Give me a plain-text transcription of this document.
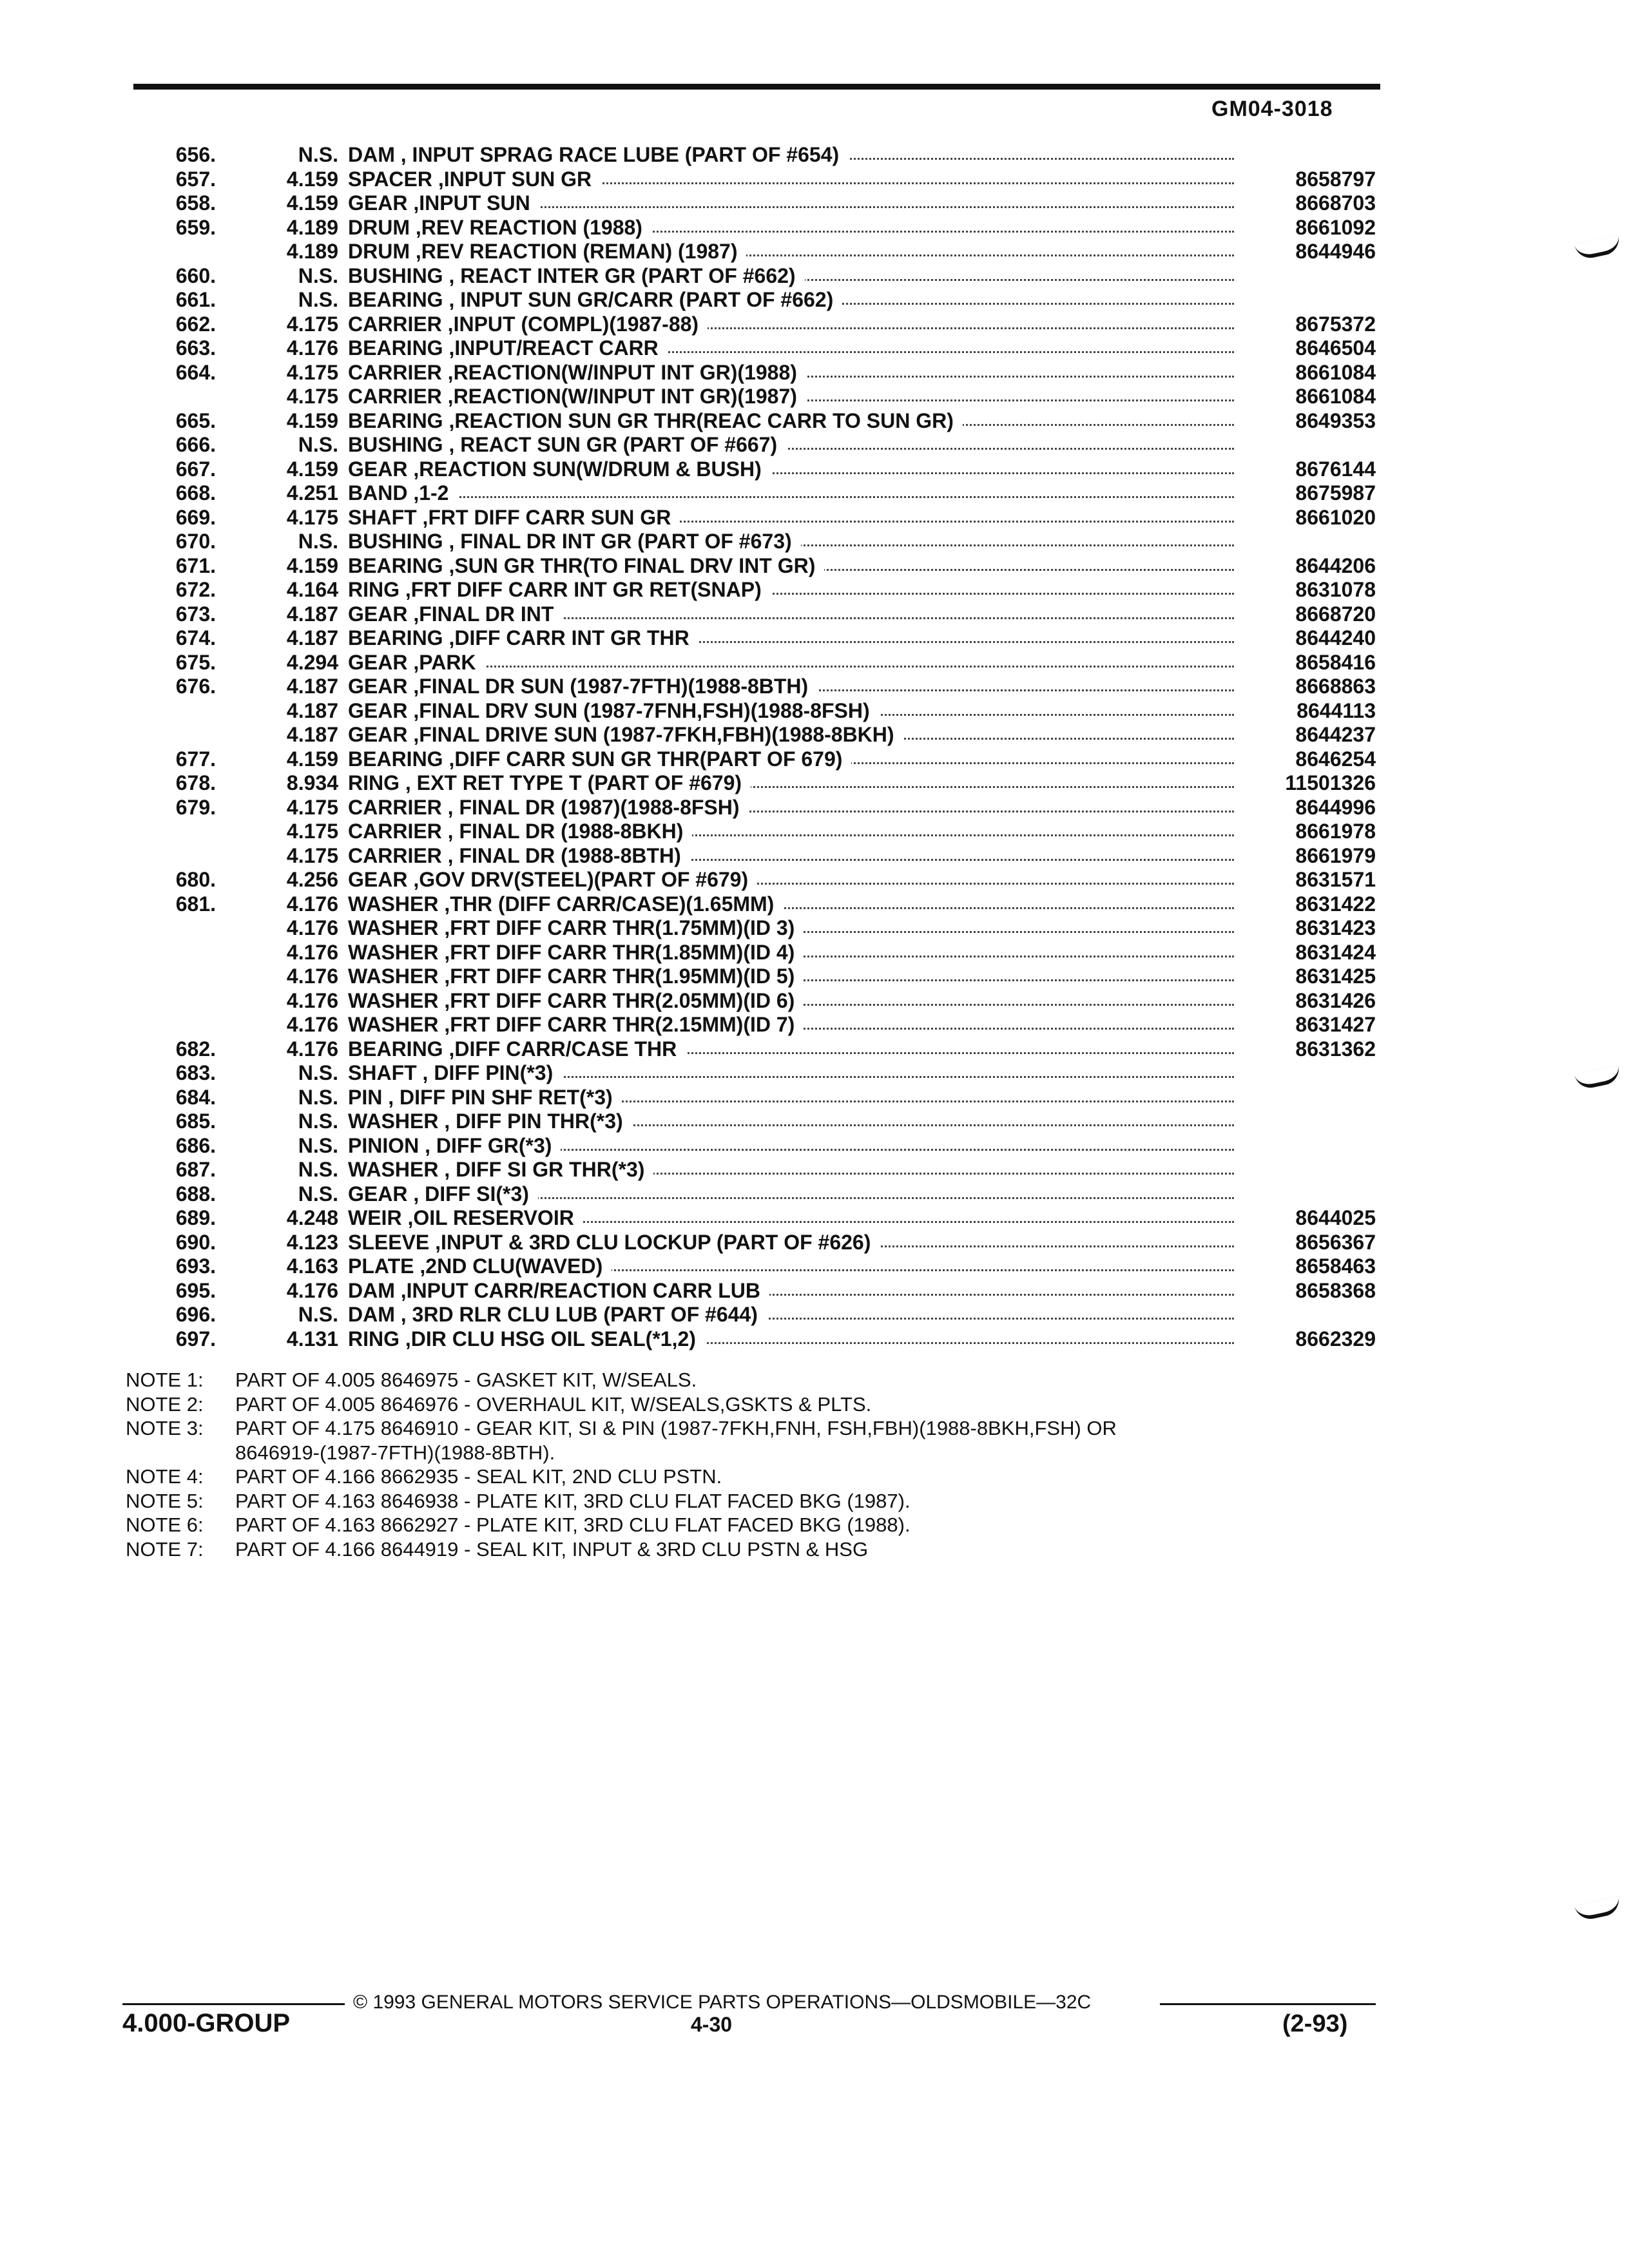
GM04-3018
656.	N.S. DAM , INPUT SPRAG RACE LUBE (PART OF #654)
657.	4.159 SPACER ,INPUT SUN GR	8658797
658.	4.159 GEAR ,INPUT SUN	8668703
659.	4.189 DRUM ,REV REACTION (1988)	8661092
4.189 DRUM ,REV REACTION (REMAN) (1987)	8644946
660.	N.S. BUSHING , REACT INTER GR (PART OF #662)
661.	N.S. BEARING , INPUT SUN GR/CARR (PART OF #662)
662.	4.175 CARRIER ,INPUT (COMPL)(1987-88)	8675372
663.	4.176 BEARING ,INPUT/REACT CARR	8646504
664.	4.175 CARRIER ,REACTION(W/INPUT INT GR)(1988)	8661084
4.175 CARRIER ,REACTION(W/INPUT INT GR)(1987)	8661084
665.	4.159 BEARING ,REACTION SUN GR THR(REAC CARR TO SUN GR)	8649353
666.	N.S. BUSHING , REACT SUN GR (PART OF #667)
667.	4.159 GEAR ,REACTION SUN(W/DRUM & BUSH)	8676144
668.	4.251 BAND ,1-2	8675987
669.	4.175 SHAFT ,FRT DIFF CARR SUN GR	8661020
670.	N.S. BUSHING , FINAL DR INT GR (PART OF #673)
671.	4.159 BEARING ,SUN GR THR(TO FINAL DRV INT GR)	8644206
672.	4.164 RING ,FRT DIFF CARR INT GR RET(SNAP)	8631078
673.	4.187 GEAR ,FINAL DR INT	8668720
674.	4.187 BEARING ,DIFF CARR INT GR THR	8644240
675.	4.294 GEAR ,PARK	8658416
676.	4.187 GEAR ,FINAL DR SUN (1987-7FTH)(1988-8BTH)	8668863
4.187 GEAR ,FINAL DRV SUN (1987-7FNH,FSH)(1988-8FSH)	8644113
4.187 GEAR ,FINAL DRIVE SUN (1987-7FKH,FBH)(1988-8BKH)	8644237
677.	4.159 BEARING ,DIFF CARR SUN GR THR(PART OF 679)	8646254
678.	8.934 RING , EXT RET TYPE T (PART OF #679)	11501326
679.	4.175 CARRIER , FINAL DR (1987)(1988-8FSH)	8644996
4.175 CARRIER , FINAL DR (1988-8BKH)	8661978
4.175 CARRIER , FINAL DR (1988-8BTH)	8661979
680.	4.256 GEAR ,GOV DRV(STEEL)(PART OF #679)	8631571
681.	4.176 WASHER ,THR (DIFF CARR/CASE)(1.65MM)	8631422
4.176 WASHER ,FRT DIFF CARR THR(1.75MM)(ID 3)	8631423
4.176 WASHER ,FRT DIFF CARR THR(1.85MM)(ID 4)	8631424
4.176 WASHER ,FRT DIFF CARR THR(1.95MM)(ID 5)	8631425
4.176 WASHER ,FRT DIFF CARR THR(2.05MM)(ID 6)	8631426
4.176 WASHER ,FRT DIFF CARR THR(2.15MM)(ID 7)	8631427
682.	4.176 BEARING ,DIFF CARR/CASE THR	8631362
683.	N.S. SHAFT , DIFF PIN(*3)
684.	N.S. PIN , DIFF PIN SHF RET(*3)
685.	N.S. WASHER , DIFF PIN THR(*3)
686.	N.S. PINION , DIFF GR(*3)
687.	N.S. WASHER , DIFF SI GR THR(*3)
688.	N.S. GEAR , DIFF SI(*3)
689.	4.248 WEIR ,OIL RESERVOIR	8644025
690.	4.123 SLEEVE ,INPUT & 3RD CLU LOCKUP (PART OF #626)	8656367
693.	4.163 PLATE ,2ND CLU(WAVED)	8658463
695.	4.176 DAM ,INPUT CARR/REACTION CARR LUB	8658368
696.	N.S. DAM , 3RD RLR CLU LUB (PART OF #644)
697.	4.131 RING ,DIR CLU HSG OIL SEAL(*1,2)	8662329
NOTE 1:	PART OF 4.005 8646975 - GASKET KIT, W/SEALS.
NOTE 2:	PART OF 4.005 8646976 - OVERHAUL KIT, W/SEALS,GSKTS & PLTS.
NOTE 3:	PART OF 4.175 8646910 - GEAR KIT, SI & PIN (1987-7FKH,FNH, FSH,FBH)(1988-8BKH,FSH) OR
8646919-(1987-7FTH)(1988-8BTH).
NOTE 4:	PART OF 4.166 8662935 - SEAL KIT, 2ND CLU PSTN.
NOTE 5:	PART OF 4.163 8646938 - PLATE KIT, 3RD CLU FLAT FACED BKG (1987).
NOTE 6:	PART OF 4.163 8662927 - PLATE KIT, 3RD CLU FLAT FACED BKG (1988).
NOTE 7:	PART OF 4.166 8644919 - SEAL KIT, INPUT & 3RD CLU PSTN & HSG
© 1993 GENERAL MOTORS SERVICE PARTS OPERATIONS—OLDSMOBILE—32C
4.000-GROUP	4-30	(2-93)
